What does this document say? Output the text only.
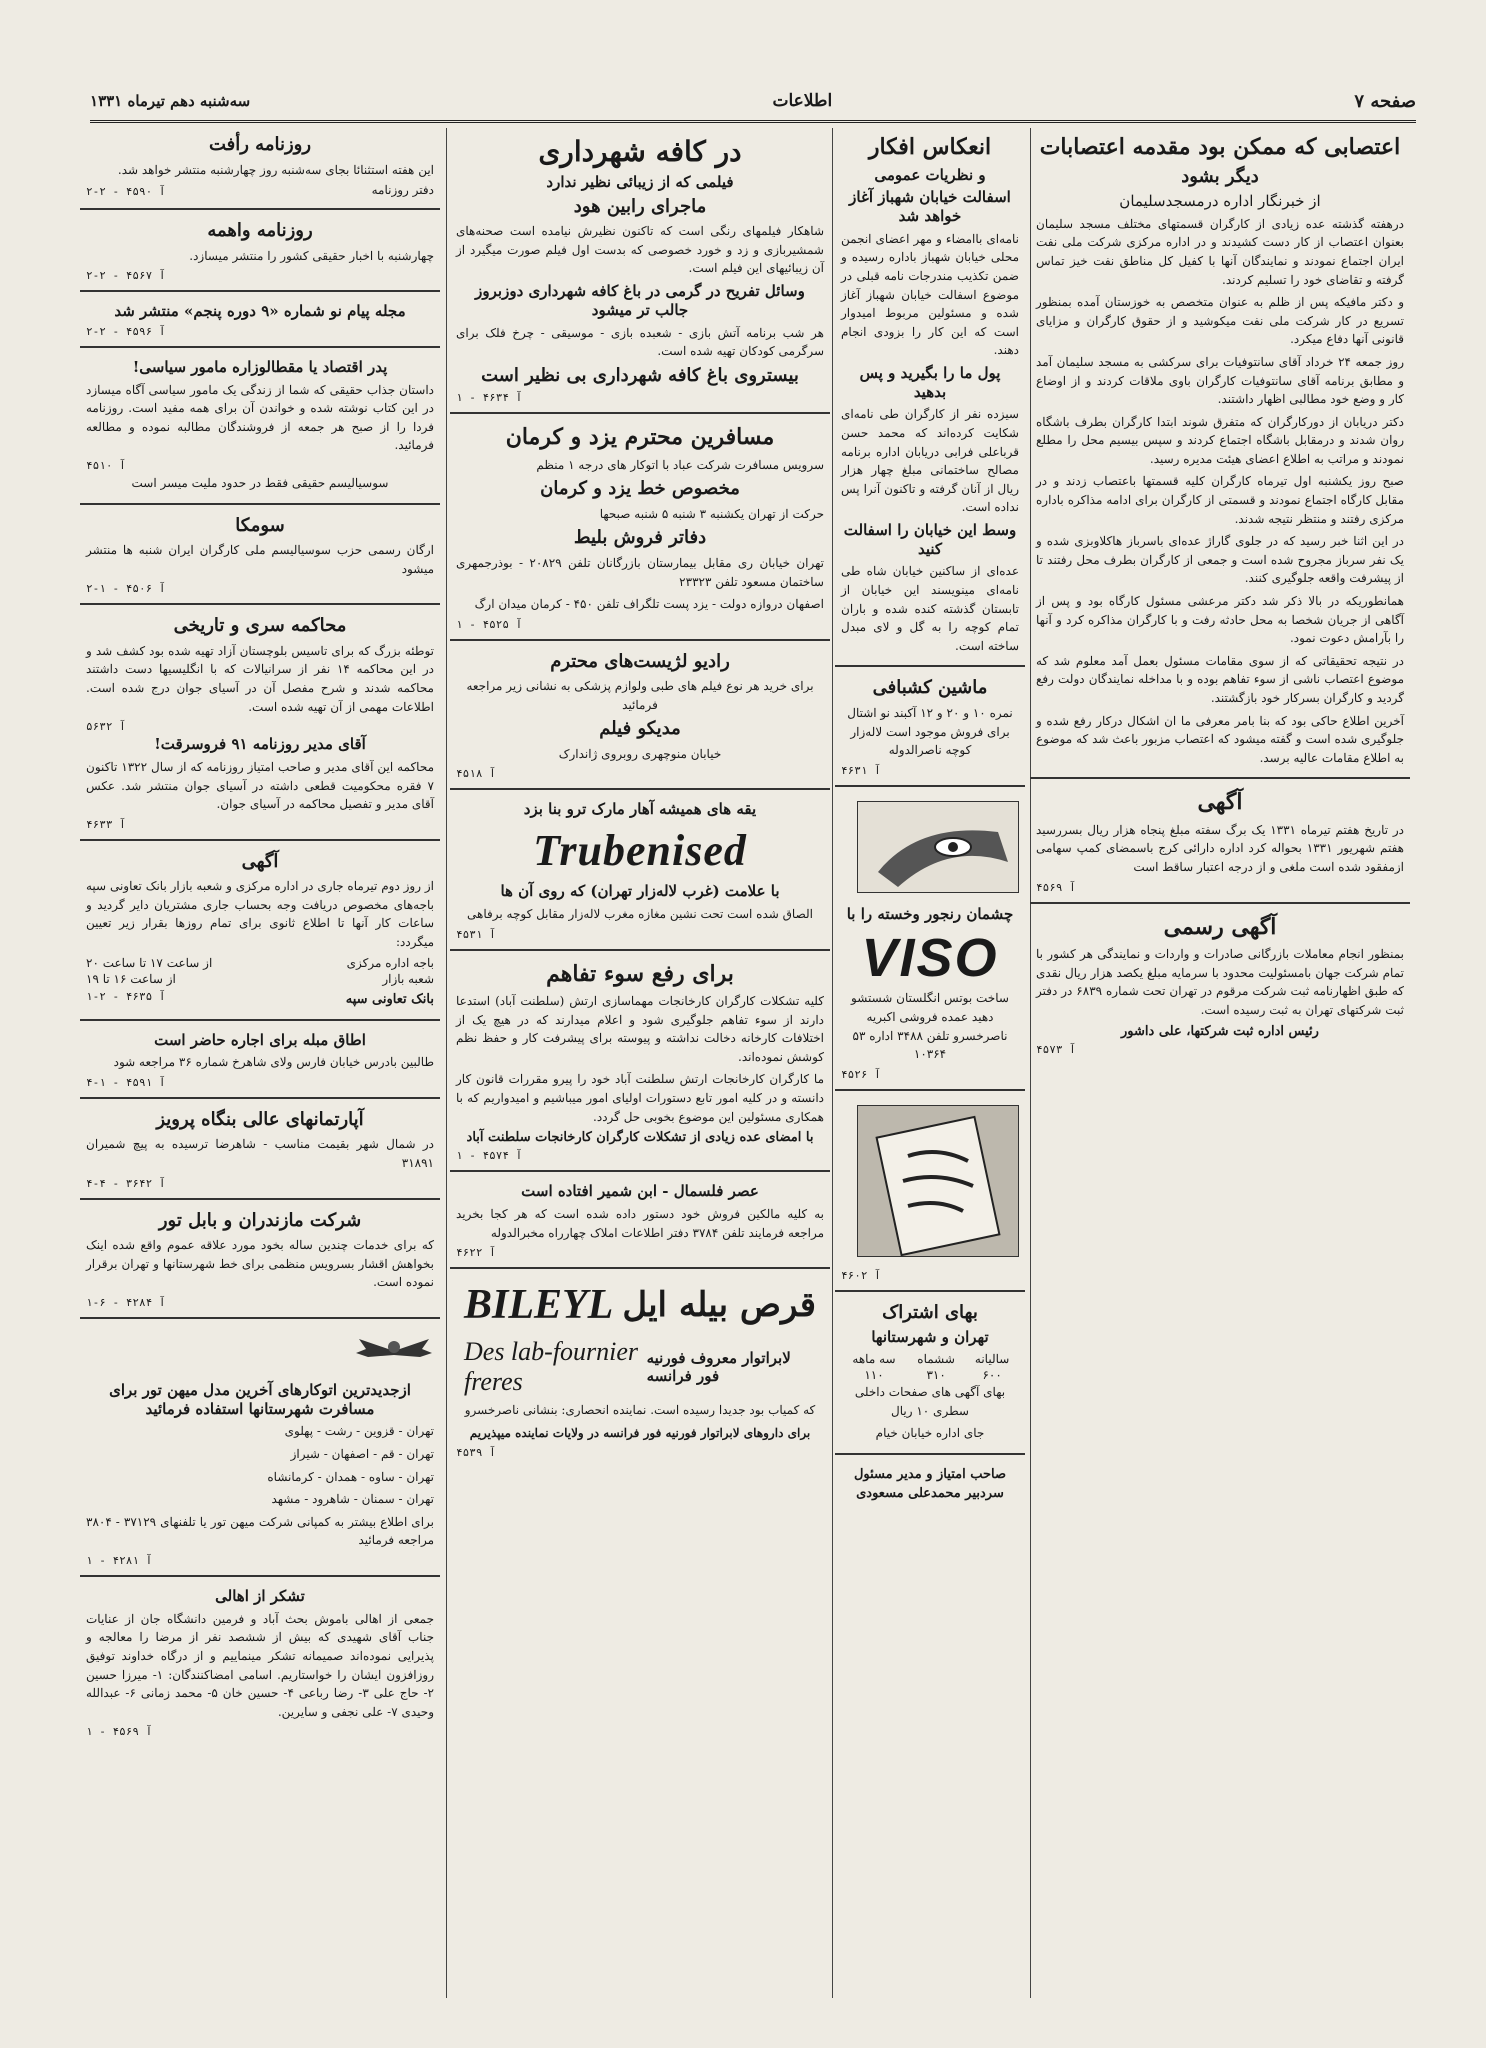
صفحه ۷
اطلاعات
سه‌شنبه دهم تیرماه ۱۳۳۱
اعتصابی که ممکن بود مقدمه اعتصابات
دیگر بشود
از خبرنگار اداره درمسجدسلیمان

درهفته گذشته عده زیادی از کارگران قسمتهای مختلف مسجد سلیمان بعنوان اعتصاب از کار دست کشیدند و در اداره مرکزی شرکت ملی نفت ایران اجتماع نمودند و نمایندگان آنها با کفیل کل مناطق نفت خیز تماس گرفته و تقاضای خود را تسلیم کردند.

و دکتر مافیکه پس از ظلم به عنوان متخصص به خوزستان آمده بمنظور تسریع در کار شرکت ملی نفت میکوشید و از حقوق کارگران و مزایای قانونی آنها دفاع میکرد.

روز جمعه ۲۴ خرداد آقای سانتوفیات برای سرکشی به مسجد سلیمان آمد و مطابق برنامه آقای سانتوفیات کارگران باوی ملاقات کردند و از اوضاع کار و وضع خود مطالبی اظهار داشتند.

دکتر دریابان از دورکارگران که متفرق شوند ابتدا کارگران بطرف باشگاه روان شدند و درمقابل باشگاه اجتماع کردند و سپس بیسیم محل را مطلع نمودند و مراتب به اطلاع اعضای هیئت مدیره رسید.

صبح روز یکشنبه اول تیرماه کارگران کلیه قسمتها باعتصاب زدند و در مقابل کارگاه اجتماع نمودند و قسمتی از کارگران برای ادامه مذاکره باداره مرکزی رفتند و منتظر نتیجه شدند.

در این اثنا خبر رسید که در جلوی گاراژ عده‌ای باسرباز هاکلاوبزی شده و یک نفر سرباز مجروح شده است و جمعی از کارگران بطرف محل رفتند تا از پیشرفت واقعه جلوگیری کنند.

همانطوریکه در بالا ذکر شد دکتر مرعشی مسئول کارگاه بود و پس از آگاهی از جریان شخصا به محل حادثه رفت و با کارگران مذاکره کرد و آنها را بآرامش دعوت نمود.

در نتیجه تحقیقاتی که از سوی مقامات مسئول بعمل آمد معلوم شد که موضوع اعتصاب ناشی از سوء تفاهم بوده و با مداخله نمایندگان دولت رفع گردید و کارگران بسرکار خود بازگشتند.

آخرین اطلاع حاکی بود که بنا بامر معرفی ما ان اشکال درکار رفع شده و جلوگیری شده است و گفته میشود که اعتصاب مزبور باعث شد که موضوع به اطلاع مقامات عالیه برسد.

آگهی

در تاریخ هفتم تیرماه ۱۳۳۱ یک برگ سفته مبلغ پنجاه هزار ریال بسررسید هفتم شهریور ۱۳۳۱ بحواله کرد اداره دارائی کرج باسمضای کمپ سهامی ازمفقود شده است ملغی و از درجه اعتبار ساقط است

آ ۴۵۶۹
آگهی رسمی

بمنظور انجام معاملات بازرگانی صادرات و واردات و نمایندگی هر کشور با تمام شرکت جهان بامسئولیت محدود با سرمایه مبلغ یکصد هزار ریال نقدی که طبق اظهارنامه ثبت شرکت مرقوم در تهران تحت شماره ۶۸۳۹ در دفتر ثبت شرکتهای تهران به ثبت رسیده است.

رئیس اداره ثبت شرکتها، علی داشور
آ ۴۵۷۳
انعکاس افکار
و نظریات عمومی
اسفالت خیابان شهباز آغاز خواهد شد

نامه‌ای باامضاء و مهر اعضای انجمن محلی خیابان شهباز باداره رسیده و ضمن تکذیب مندرجات نامه قبلی در موضوع اسفالت خیابان شهباز آغاز شده و مسئولین مربوط امیدوار است که این کار را بزودی انجام دهند.

پول ما را بگیرید و پس بدهید

سیزده نفر از کارگران طی نامه‌ای شکایت کرده‌اند که محمد حسن قرباعلی فرابی دریابان اداره برنامه مصالح ساختمانی مبلغ چهار هزار ریال از آنان گرفته و تاکنون آنرا پس نداده است.

وسط این خیابان را اسفالت کنید

عده‌ای از ساکنین خیابان شاه طی نامه‌ای مینویسند این خیابان از تابستان گذشته کنده شده و باران تمام کوچه را به گل و لای مبدل ساخته است.

ماشین کشبافی

نمره ۱۰ و ۲۰ و ۱۲ آکبند نو اشتال برای فروش موجود است لاله‌زار کوچه ناصرالدوله

آ ۴۶۳۱
چشمان رنجور وخسته را با
VISO

ساخت بوتس انگلستان شستشو دهید عمده فروشی اکبریه ناصرخسرو تلفن ۳۴۸۸ اداره ۵۳ ۱۰۳۶۴

آ ۴۵۲۶
آ ۴۶۰۲
بهای اشتراک
تهران و شهرستانها
سالیانه	ششماه	سه ماهه
۶۰۰	۳۱۰	۱۱۰

بهای آگهی های صفحات داخلی سطری ۱۰ ریال

جای اداره خیابان خیام

صاحب امتیاز و مدیر مسئول
سردبیر محمدعلی مسعودی
در کافه شهرداری
فیلمی که از زیبائی نظیر ندارد
ماجرای رابین هود

شاهکار فیلمهای رنگی است که تاکنون نظیرش نیامده است صحنه‌های شمشیربازی و زد و خورد خصوصی که بدست اول فیلم صورت میگیرد از آن زیبائیهای این فیلم است.

وسائل تفریح در گرمی در باغ کافه شهرداری دوزبروز جالب تر میشود

هر شب برنامه آتش بازی - شعبده بازی - موسیقی - چرخ فلک برای سرگرمی کودکان تهیه شده است.

بیستروی باغ کافه شهرداری بی نظیر است
آ ۴۶۳۴ - ۱
مسافرین محترم یزد و کرمان

سرویس مسافرت شرکت عباد با اتوکار های درجه ۱ منظم

مخصوص خط یزد و کرمان

حرکت از تهران یکشنبه ۳ شنبه ۵ شنبه صبحها

دفاتر فروش بلیط

تهران خیابان ری مقابل بیمارستان بازرگانان تلفن ۲۰۸۲۹ - بوذرجمهری ساختمان مسعود تلفن ۲۳۳۲۳

اصفهان دروازه دولت - یزد پست تلگراف تلفن ۴۵۰ - کرمان میدان ارگ

آ ۴۵۲۵ - ۱
رادیو لژیست‌های محترم

برای خرید هر نوع فیلم های طبی ولوازم پزشکی به نشانی زیر مراجعه فرمائید

مدیکو فیلم

خیابان منوچهری روبروی ژاندارک

آ ۴۵۱۸
یقه های همیشه آهار مارک ترو بنا بزد
Trubenised
با علامت (غرب لاله‌زار تهران) که روی آن ها

الصاق شده است تحت نشین مغازه مغرب لاله‌زار مقابل کوچه برفاهی

آ ۴۵۳۱
برای رفع سوء تفاهم

کلیه تشکلات کارگران کارخانجات مهماسازی ارتش (سلطنت آباد) استدعا دارند از سوء تفاهم جلوگیری شود و اعلام میدارند که در هیچ یک از اختلافات کارخانه دخالت نداشته و پیوسته برای پیشرفت کار و حفظ نظم کوشش نموده‌اند.

ما کارگران کارخانجات ارتش سلطنت آباد خود را پیرو مقررات قانون کار دانسته و در کلیه امور تابع دستورات اولیای امور میباشیم و امیدواریم که با همکاری مسئولین این موضوع بخوبی حل گردد.

با امضای عده زیادی از تشکلات کارگران کارخانجات سلطنت آباد
آ ۴۵۷۴ - ۱
عصر فلسمال - ابن شمیر افتاده است

به کلیه مالکین فروش خود دستور داده شده است که هر کجا بخرید مراجعه فرمایند تلفن ۳۷۸۴ دفتر اطلاعات املاک چهارراه مخبرالدوله

آ ۴۶۲۲
BILEYL قرص بیله ایل
Des lab-fournier freres
لابراتوار معروف فورنیه فور فرانسه

که کمیاب بود جدیدا رسیده است. نماینده انحصاری: بنشانی ناصرخسرو

برای داروهای لابراتوار فورنیه فور فرانسه در ولایات نماینده میپذیریم

آ ۴۵۳۹
روزنامه رأفت

این هفته استثنائا بجای سه‌شنبه روز چهارشنبه منتشر خواهد شد.

دفتر روزنامه
آ ۴۵۹۰ - ۲-۲
روزنامه واهمه

چهارشنبه با اخبار حقیقی کشور را منتشر میسازد.

آ ۴۵۶۷ - ۲-۲
مجله پیام نو شماره «۹ دوره پنجم» منتشر شد
آ ۴۵۹۶ - ۲-۲
پدر اقتصاد یا مقطالوزاره مامور سیاسی!

داستان جذاب حقیقی که شما از زندگی یک مامور سیاسی آگاه میسازد در این کتاب نوشته شده و خواندن آن برای همه مفید است. روزنامه فردا را از صبح هر جمعه از فروشندگان مطالبه نموده و مطالعه فرمائید.

آ ۴۵۱۰

سوسیالیسم حقیقی فقط در حدود ملیت میسر است

سومکا

ارگان رسمی حزب سوسیالیسم ملی کارگران ایران شنبه ها منتشر میشود

آ ۴۵۰۶ - ۱-۲
محاکمه سری و تاریخی

توطئه بزرگ که برای تاسیس بلوچستان آزاد تهیه شده بود کشف شد و در این محاکمه ۱۴ نفر از سرانیالات که با انگلیسیها دست داشتند محاکمه شدند و شرح مفصل آن در آسیای جوان درج شده است. اطلاعات مهمی از آن تهیه شده است.

آ ۵۶۳۲
آقای مدیر روزنامه ۹۱ فروسرقت!

محاکمه این آقای مدیر و صاحب امتیاز روزنامه که از سال ۱۳۲۲ تاکنون ۷ فقره محکومیت قطعی داشته در آسیای جوان منتشر شد. عکس آقای مدیر و تفصیل محاکمه در آسیای جوان.

آ ۴۶۳۳
آگهی

از روز دوم تیرماه جاری در اداره مرکزی و شعبه بازار بانک تعاونی سپه باجه‌های مخصوص دریافت وجه بحساب جاری مشتریان دایر گردید و ساعات کار آنها تا اطلاع ثانوی برای تمام روزها بقرار زیر تعیین میگردد:

باجه اداره مرکزی
از ساعت ۱۷ تا ساعت ۲۰
شعبه بازار
از ساعت ۱۶ تا ۱۹
بانک تعاونی سپه
آ ۴۶۳۵ - ۲-۱
اطاق مبله برای اجاره حاضر است

طالبین بادرس خیابان فارس ولای شاهرخ شماره ۳۶ مراجعه شود

آ ۴۵۹۱ - ۱-۴
آپارتمانهای عالی بنگاه پرویز

در شمال شهر بقیمت مناسب - شاهرضا ترسیده به پیچ شمیران ۳۱۸۹۱

آ ۳۶۴۲ - ۴-۴
شرکت مازندران و بابل تور

که برای خدمات چندین ساله بخود مورد علاقه عموم واقع شده اینک بخواهش اقشار بسرویس منظمی برای خط شهرستانها و تهران برقرار نموده است.

آ ۴۲۸۴ - ۶-۱
ازجدیدترین اتوکارهای آخرین مدل میهن تور برای مسافرت شهرستانها استفاده فرمائید

تهران - قزوین - رشت - پهلوی

تهران - قم - اصفهان - شیراز

تهران - ساوه - همدان - کرمانشاه

تهران - سمنان - شاهرود - مشهد

برای اطلاع بیشتر به کمپانی شرکت میهن تور یا تلفنهای ۳۷۱۲۹ - ۳۸۰۴ مراجعه فرمائید

آ ۴۲۸۱ - ۱
تشکر از اهالی

جمعی از اهالی باموش بحث آباد و فرمین دانشگاه جان از عنایات جناب آقای شهیدی که بیش از ششصد نفر از مرضا را معالجه و پذیرایی نموده‌اند صمیمانه تشکر مینماییم و از درگاه خداوند توفیق روزافزون ایشان را خواستاریم. اسامی امضاکنندگان: ۱- میرزا حسین ۲- حاج علی ۳- رضا رباعی ۴- حسین خان ۵- محمد زمانی ۶- عبدالله وحیدی ۷- علی نجفی و سایرین.

آ ۴۵۶۹ - ۱
